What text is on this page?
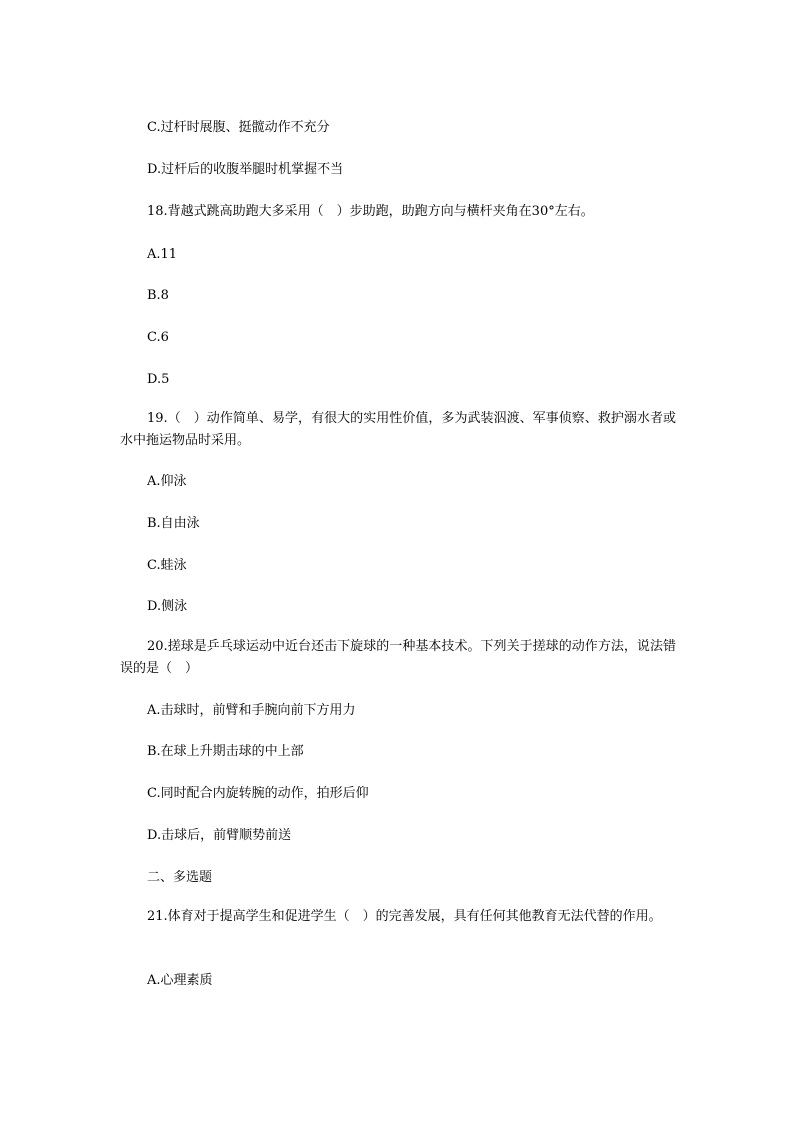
C.过杆时展腹、挺髋动作不充分
D.过杆后的收腹举腿时机掌握不当
18.背越式跳高助跑大多采用（　）步助跑，助跑方向与横杆夹角在30°左右。
A.11
B.8
C.6
D.5
19.（　）动作简单、易学，有很大的实用性价值，多为武装泅渡、军事侦察、救护溺水者或水中拖运物品时采用。
A.仰泳
B.自由泳
C.蛙泳
D.侧泳
20.搓球是乒乓球运动中近台还击下旋球的一种基本技术。下列关于搓球的动作方法，说法错误的是（　）
A.击球时，前臂和手腕向前下方用力
B.在球上升期击球的中上部
C.同时配合内旋转腕的动作，拍形后仰
D.击球后，前臂顺势前送
二、多选题
21.体育对于提高学生和促进学生（　）的完善发展，具有任何其他教育无法代替的作用。
A.心理素质
